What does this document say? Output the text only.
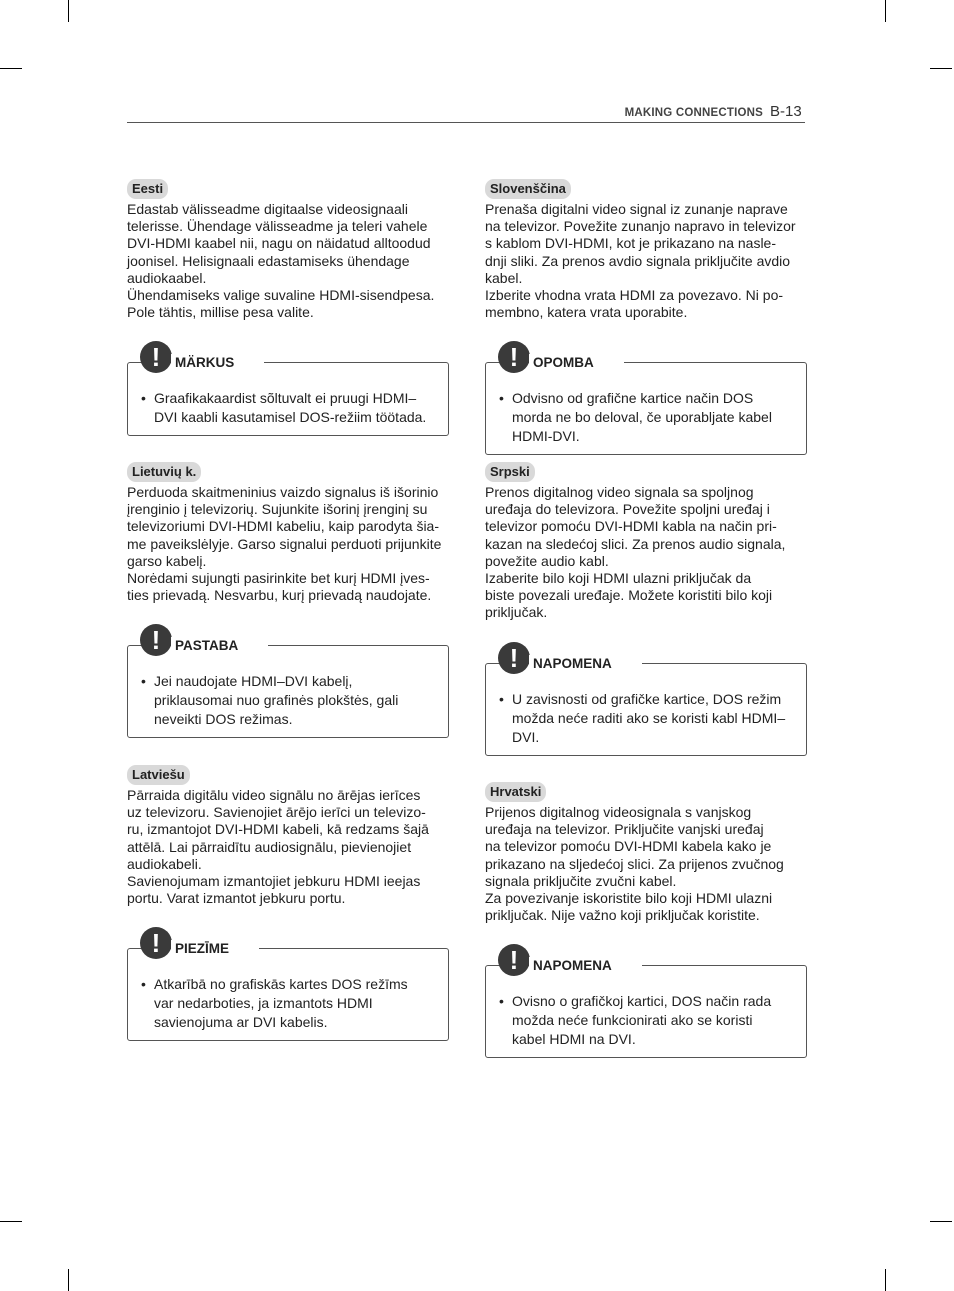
MAKING CONNECTIONS B-13
Eesti
Edastab välisseadme digitaalse videosignaali
telerisse. Ühendage välisseadme ja teleri vahele
DVI-HDMI kaabel nii, nagu on näidatud alltoodud
joonisel. Helisignaali edastamiseks ühendage
audiokaabel.
Ühendamiseks valige suvaline HDMI-sisendpesa.
Pole tähtis, millise pesa valite.
!	MÄRKUS
• Graafikakaardist sõltuvalt ei pruugi HDMI–
DVI kaabli kasutamisel DOS-režiim töötada.
Lietuvių k.
Perduoda skaitmeninius vaizdo signalus iš išorinio
įrenginio į televizorių. Sujunkite išorinį įrenginį su
televizoriumi DVI-HDMI kabeliu, kaip parodyta šia-
me paveikslėlyje. Garso signalui perduoti prijunkite
garso kabelį.
Norėdami sujungti pasirinkite bet kurį HDMI įves-
ties prievadą. Nesvarbu, kurį prievadą naudojate.
!	PASTABA
• Jei naudojate HDMI–DVI kabelį,
priklausomai nuo grafinės plokštės, gali
neveikti DOS režimas.
Latviešu
Pārraida digitālu video signālu no ārējas ierīces
uz televizoru. Savienojiet ārējo ierīci un televizo-
ru, izmantojot DVI-HDMI kabeli, kā redzams šajā
attēlā. Lai pārraidītu audiosignālu, pievienojiet
audiokabeli.
Savienojumam izmantojiet jebkuru HDMI ieejas
portu. Varat izmantot jebkuru portu.
!	PIEZĪME
• Atkarībā no grafiskās kartes DOS režīms
var nedarboties, ja izmantots HDMI
savienojuma ar DVI kabelis.
Slovenščina
Prenaša digitalni video signal iz zunanje naprave
na televizor. Povežite zunanjo napravo in televizor
s kablom DVI-HDMI, kot je prikazano na nasle-
dnji sliki. Za prenos avdio signala priključite avdio
kabel.
Izberite vhodna vrata HDMI za povezavo. Ni po-
membno, katera vrata uporabite.
!	OPOMBA
• Odvisno od grafične kartice način DOS
morda ne bo deloval, če uporabljate kabel
HDMI-DVI.
Srpski
Prenos digitalnog video signala sa spoljnog
uređaja do televizora. Povežite spoljni uređaj i
televizor pomoću DVI-HDMI kabla na način pri-
kazan na sledećoj slici. Za prenos audio signala,
povežite audio kabl.
Izaberite bilo koji HDMI ulazni priključak da
biste povezali uređaje. Možete koristiti bilo koji
priključak.
!	NAPOMENA
• U zavisnosti od grafičke kartice, DOS režim
možda neće raditi ako se koristi kabl HDMI–
DVI.
Hrvatski
Prijenos digitalnog videosignala s vanjskog
uređaja na televizor. Priključite vanjski uređaj
na televizor pomoću DVI-HDMI kabela kako je
prikazano na sljedećoj slici. Za prijenos zvučnog
signala priključite zvučni kabel.
Za povezivanje iskoristite bilo koji HDMI ulazni
priključak. Nije važno koji priključak koristite.
!	NAPOMENA
• Ovisno o grafičkoj kartici, DOS način rada
možda neće funkcionirati ako se koristi
kabel HDMI na DVI.
